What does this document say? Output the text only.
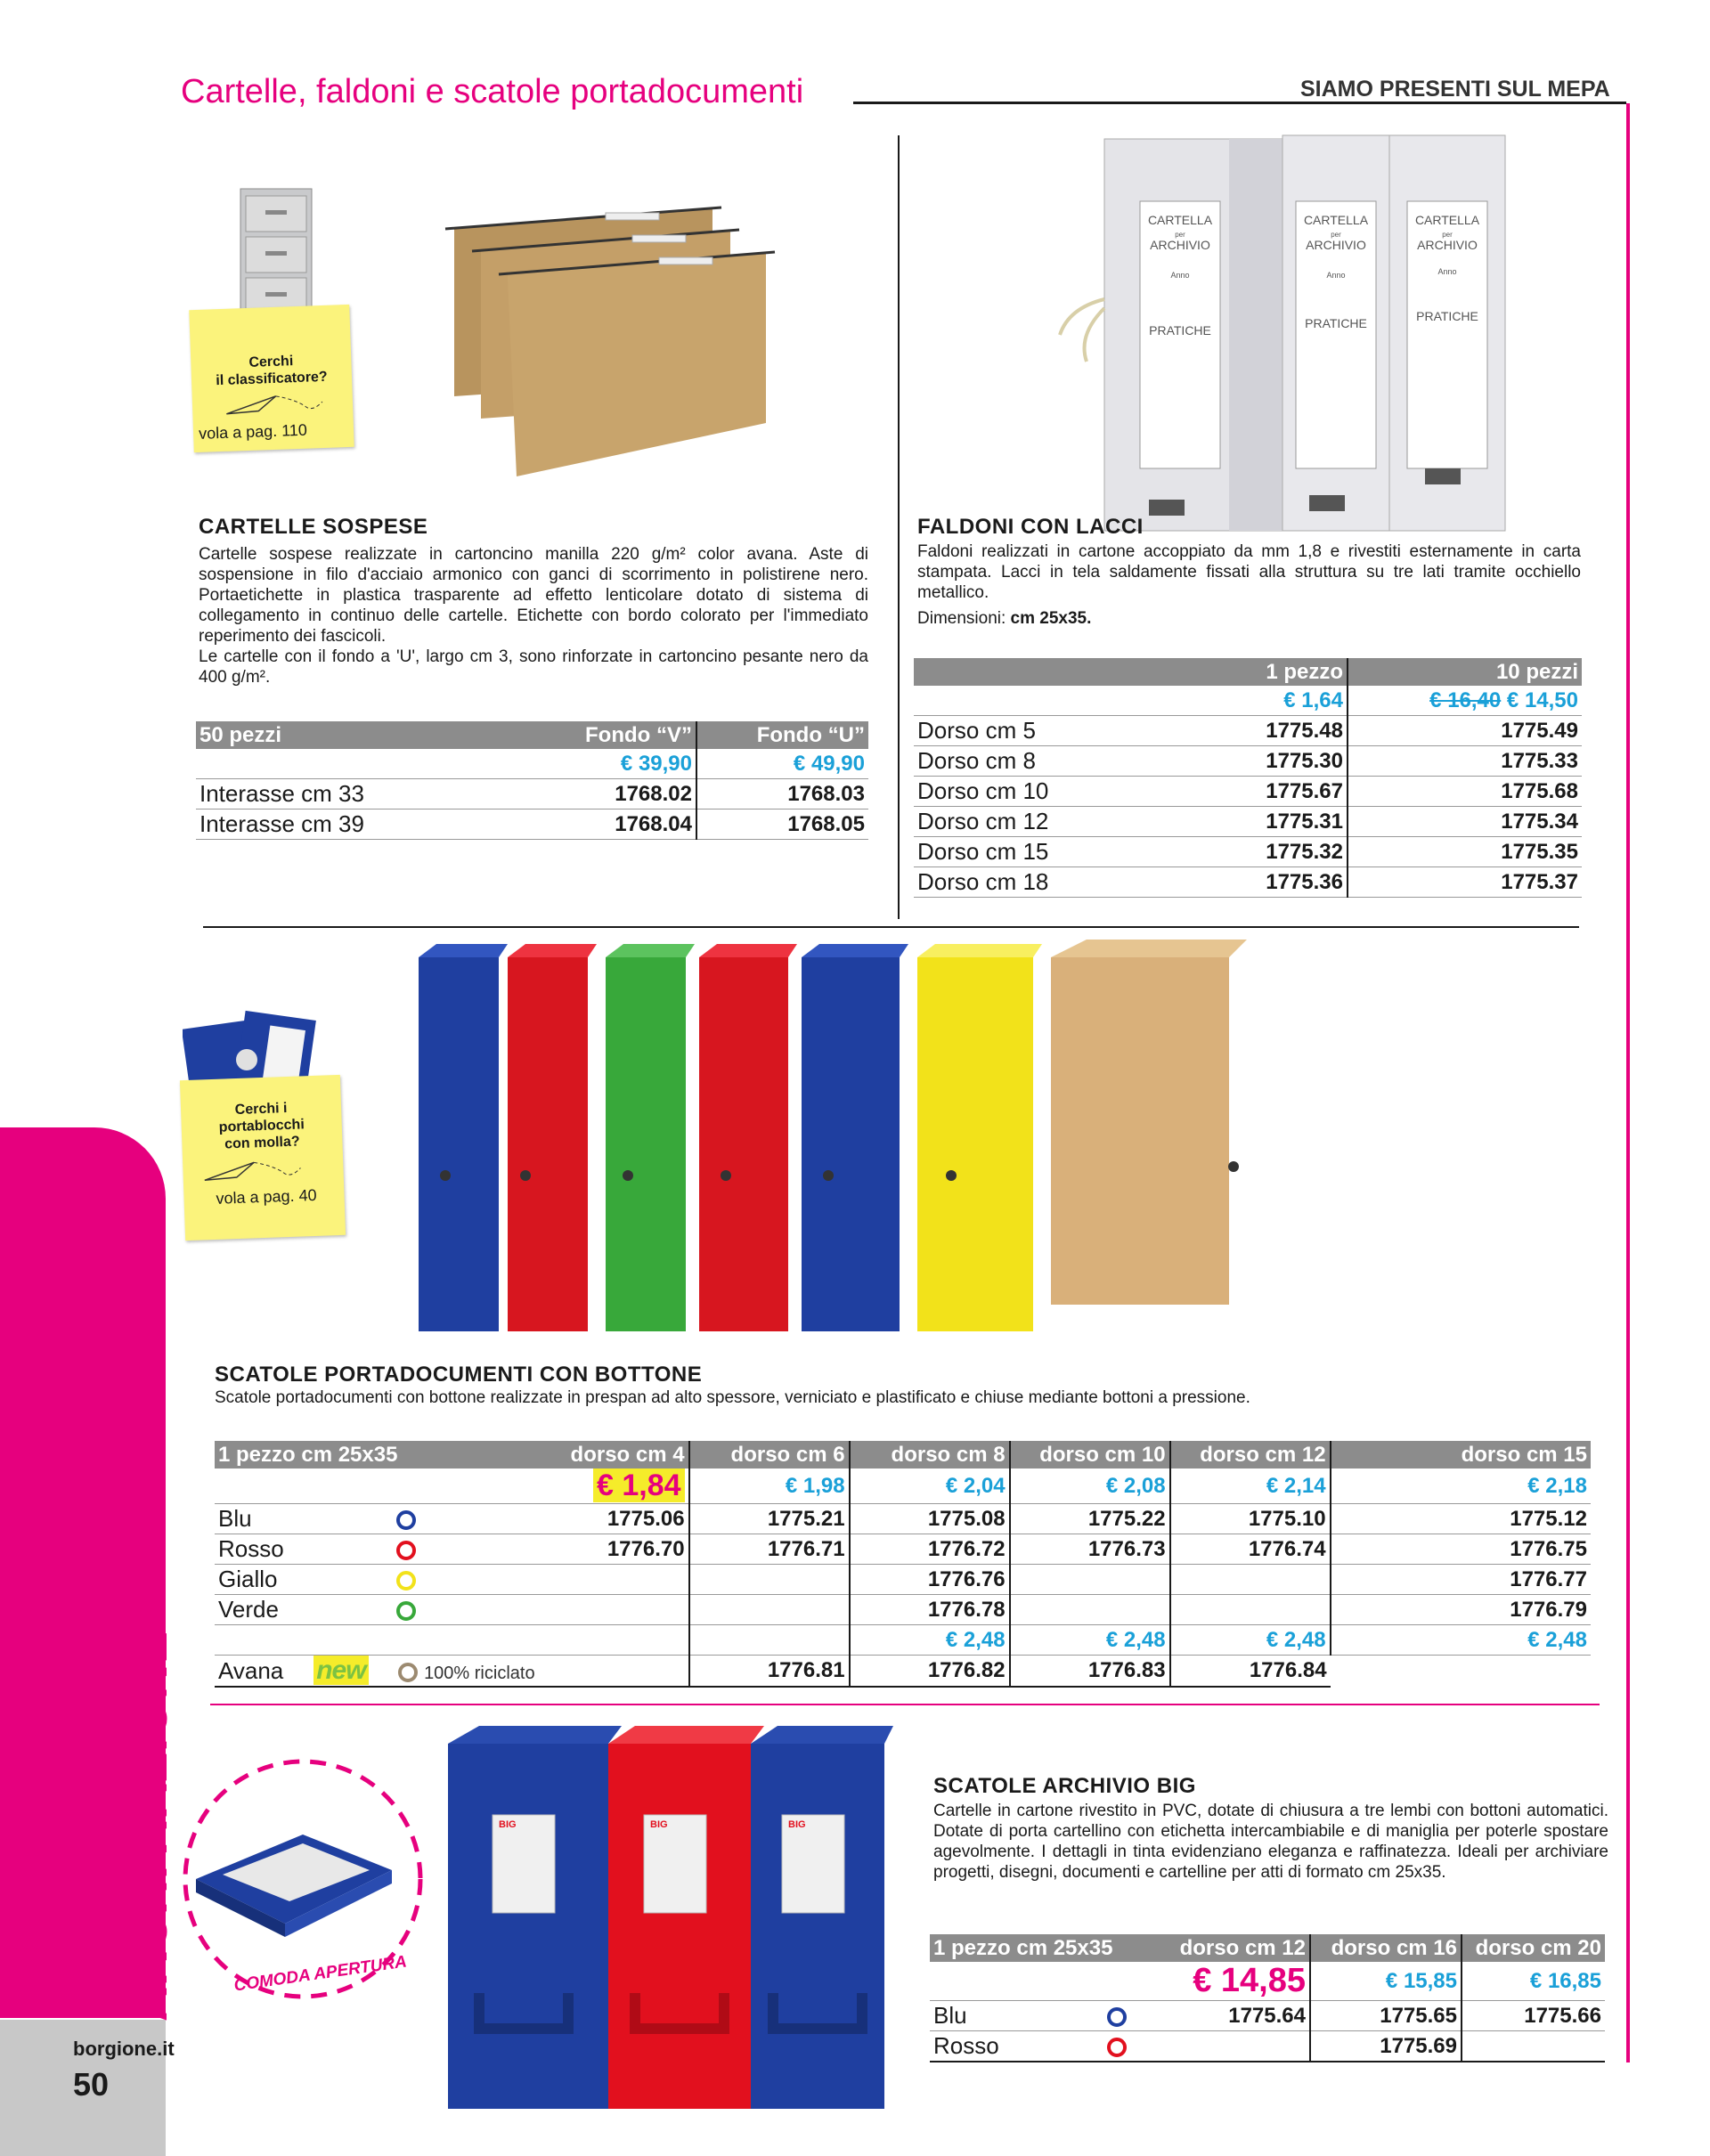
Cartelle, faldoni e scatole portadocumenti	SIAMO PRESENTI SUL MEPA
ARCHIVIAZIONE
borgione.it
50
Cerchi
il classificatore?
vola a pag. 110
CARTELLE SOSPESE
Cartelle sospese realizzate in cartoncino manilla 220 g/m² color avana. Aste di sospensione in filo d'acciaio armonico con ganci di scorrimento in polistirene nero. Portaetichette in plastica trasparente ad effetto lenticolare dotato di sistema di collegamento in continuo delle cartelle. Etichette con bordo colorato per l'immediato reperimento dei fascicoli.
Le cartelle con il fondo a 'U', largo cm 3, sono rinforzate in cartoncino pesante nero da 400 g/m².
50 pezzi	Fondo “V”	Fondo “U”
	€ 39,90	€ 49,90
Interasse cm 33	1768.02	1768.03
Interasse cm 39	1768.04	1768.05
CARTELLA
per
ARCHIVIO
Anno
PRATICHE
CARTELLA
per
ARCHIVIO
Anno
PRATICHE
CARTELLA
per
ARCHIVIO
Anno
PRATICHE
FALDONI CON LACCI
Faldoni realizzati in cartone accoppiato da mm 1,8 e rivestiti esternamente in carta stampata. Lacci in tela saldamente fissati alla struttura su tre lati tramite occhiello metallico.
Dimensioni: cm 25x35.
	1 pezzo	10 pezzi
	€ 1,64	€ 16,40 € 14,50
Dorso cm 5	1775.48	1775.49
Dorso cm 8	1775.30	1775.33
Dorso cm 10	1775.67	1775.68
Dorso cm 12	1775.31	1775.34
Dorso cm 15	1775.32	1775.35
Dorso cm 18	1775.36	1775.37
Cerchi i
portablocchi
con molla?
vola a pag. 40
SCATOLE PORTADOCUMENTI CON BOTTONE
Scatole portadocumenti con bottone realizzate in prespan ad alto spessore, verniciato e plastificato e chiuse mediante bottoni a pressione.
1 pezzo cm 25x35	dorso cm 4	dorso cm 6	dorso cm 8	dorso cm 10	dorso cm 12	dorso cm 15
	€ 1,84	€ 1,98	€ 2,04	€ 2,08	€ 2,14	€ 2,18
Blu	1775.06	1775.21	1775.08	1775.22	1775.10	1775.12
Rosso	1776.70	1776.71	1776.72	1776.73	1776.74	1776.75
Giallo			1776.76			1776.77
Verde			1776.78			1776.79
			€ 2,48	€ 2,48	€ 2,48	€ 2,48
Avana new 100% riciclato		1776.81	1776.82	1776.83	1776.84	
COMODA APERTURA
BIG	BIG	BIG
SCATOLE ARCHIVIO BIG
Cartelle in cartone rivestito in PVC, dotate di chiusura a tre lembi con bottoni automatici. Dotate di porta cartellino con etichetta intercambiabile e di maniglia per poterle spostare agevolmente. I dettagli in tinta evidenziano eleganza e raffinatezza. Ideali per archiviare progetti, disegni, documenti e cartelline per atti di formato cm 25x35.
1 pezzo cm 25x35	dorso cm 12	dorso cm 16	dorso cm 20
	€ 14,85	€ 15,85	€ 16,85
Blu	1775.64	1775.65	1775.66
Rosso		1775.69	
